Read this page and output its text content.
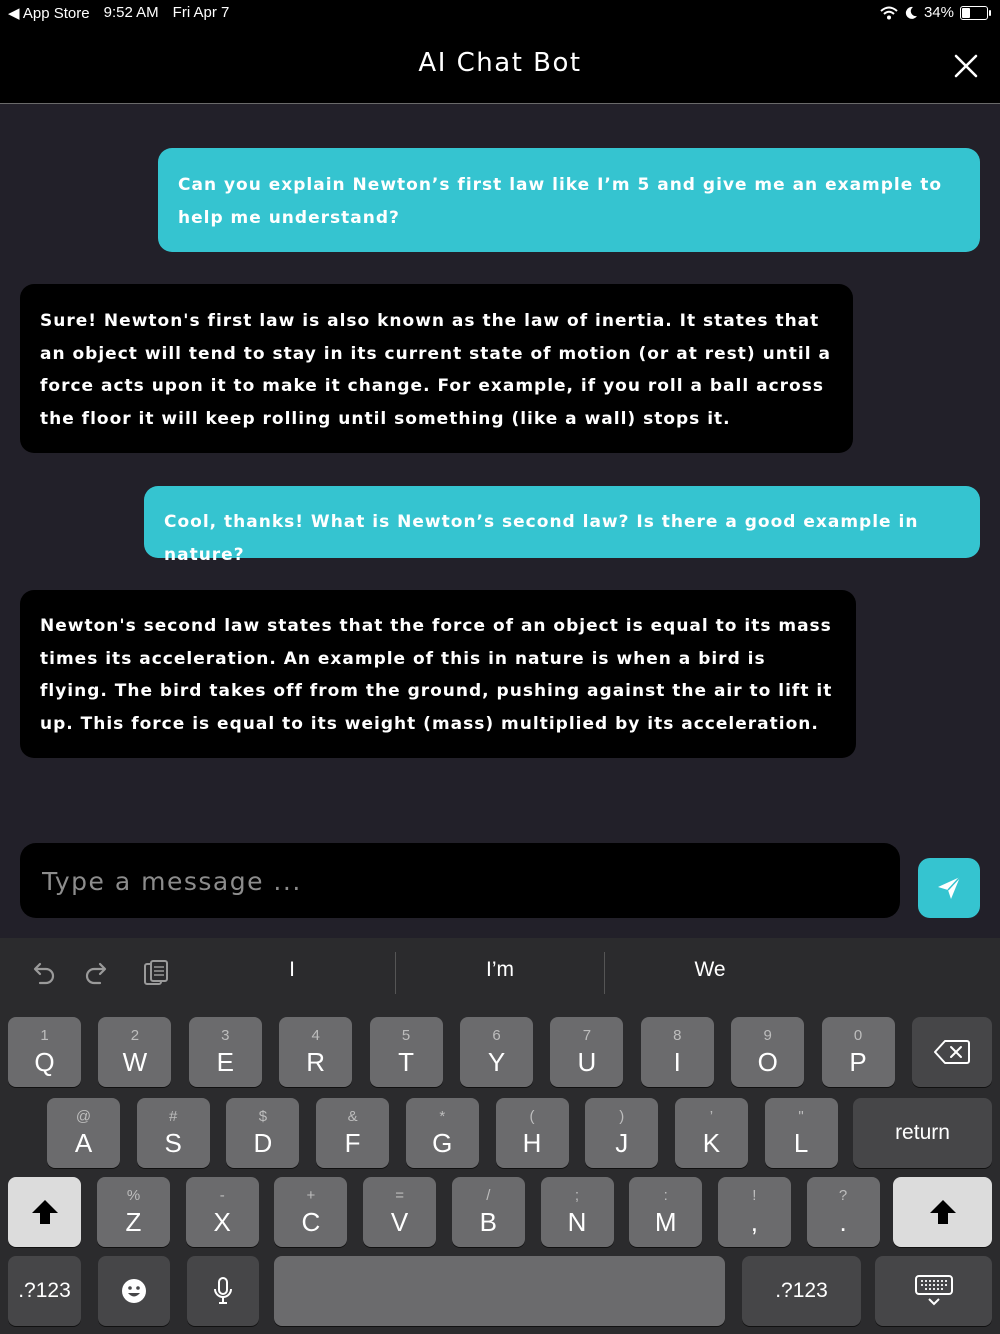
◀ App Store 9:52 AM Fri Apr 7	34%
AI Chat Bot
Can you explain Newton’s first law like I’m 5 and give me an example to help me understand?
Sure! Newton's first law is also known as the law of inertia. It states that an object will tend to stay in its current state of motion (or at rest) until a force acts upon it to make it change. For example, if you roll a ball across the floor it will keep rolling until something (like a wall) stops it.
Cool, thanks! What is Newton’s second law? Is there a good example in nature?
Newton's second law states that the force of an object is equal to its mass times its acceleration. An example of this in nature is when a bird is flying. The bird takes off from the ground, pushing against the air to lift it up. This force is equal to its weight (mass) multiplied by its acceleration.
Type a message ...
I	I’m	We
1
Q
2
W
3
E
4
R
5
T
6
Y
7
U
8
I
9
O
0
P
@
A
#
S
$
D
&
F
*
G
(
H
)
J
’
K
"
L	return
%
Z
-
X
+
C
=
V
/
B
;
N
:
M
!
,
?
.
.?123	.?123
